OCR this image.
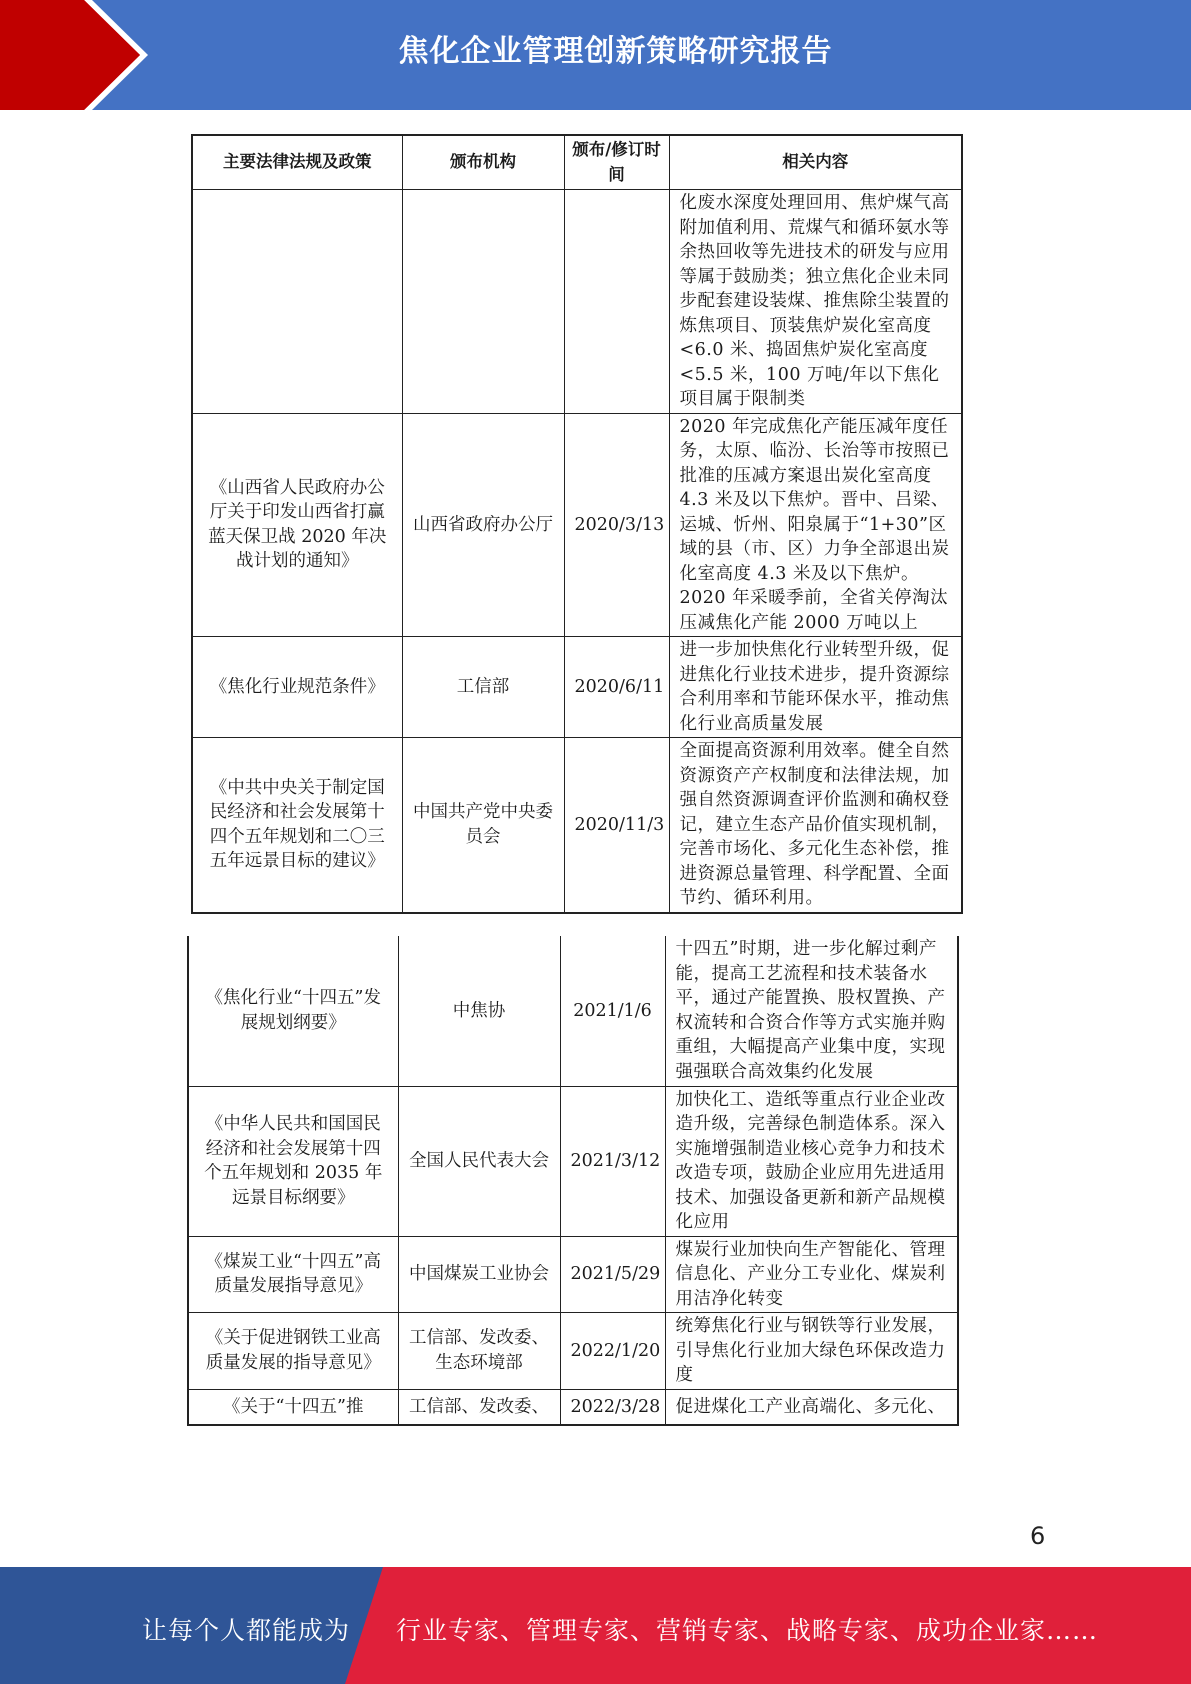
焦化企业管理创新策略研究报告
主要法律法规及政策	颁布机构	颁布/修订时间	相关内容
			化废水深度处理回用、焦炉煤气高附加值利用、荒煤气和循环氨水等余热回收等先进技术的研发与应用等属于鼓励类；独立焦化企业未同步配套建设装煤、推焦除尘装置的炼焦项目、顶装焦炉炭化室高度<6.0 米、捣固焦炉炭化室高度<5.5 米，100 万吨/年以下焦化项目属于限制类
《山西省人民政府办公厅关于印发山西省打赢蓝天保卫战 2020 年决战计划的通知》	山西省政府办公厅	2020/3/13	2020 年完成焦化产能压减年度任务，太原、临汾、长治等市按照已批准的压减方案退出炭化室高度 4.3 米及以下焦炉。晋中、吕梁、运城、忻州、阳泉属于“1+30”区域的县（市、区）力争全部退出炭化室高度 4.3 米及以下焦炉。2020 年采暖季前，全省关停淘汰压减焦化产能 2000 万吨以上
《焦化行业规范条件》	工信部	2020/6/11	进一步加快焦化行业转型升级，促进焦化行业技术进步，提升资源综合利用率和节能环保水平，推动焦化行业高质量发展
《中共中央关于制定国民经济和社会发展第十四个五年规划和二〇三五年远景目标的建议》	中国共产党中央委员会	2020/11/3	全面提高资源利用效率。健全自然资源资产产权制度和法律法规，加强自然资源调查评价监测和确权登记，建立生态产品价值实现机制，完善市场化、多元化生态补偿，推进资源总量管理、科学配置、全面节约、循环利用。
《焦化行业“十四五”发展规划纲要》	中焦协	2021/1/6	十四五”时期，进一步化解过剩产能，提高工艺流程和技术装备水平，通过产能置换、股权置换、产权流转和合资合作等方式实施并购重组，大幅提高产业集中度，实现强强联合高效集约化发展
《中华人民共和国国民经济和社会发展第十四个五年规划和 2035 年远景目标纲要》	全国人民代表大会	2021/3/12	加快化工、造纸等重点行业企业改造升级，完善绿色制造体系。深入实施增强制造业核心竞争力和技术改造专项，鼓励企业应用先进适用技术、加强设备更新和新产品规模化应用
《煤炭工业“十四五”高质量发展指导意见》	中国煤炭工业协会	2021/5/29	煤炭行业加快向生产智能化、管理信息化、产业分工专业化、煤炭利用洁净化转变
《关于促进钢铁工业高质量发展的指导意见》	工信部、发改委、生态环境部	2022/1/20	统筹焦化行业与钢铁等行业发展，引导焦化行业加大绿色环保改造力度
《关于“十四五”推	工信部、发改委、	2022/3/28	促进煤化工产业高端化、多元化、
6
让每个人都能成为 行业专家、管理专家、营销专家、战略专家、成功企业家……
